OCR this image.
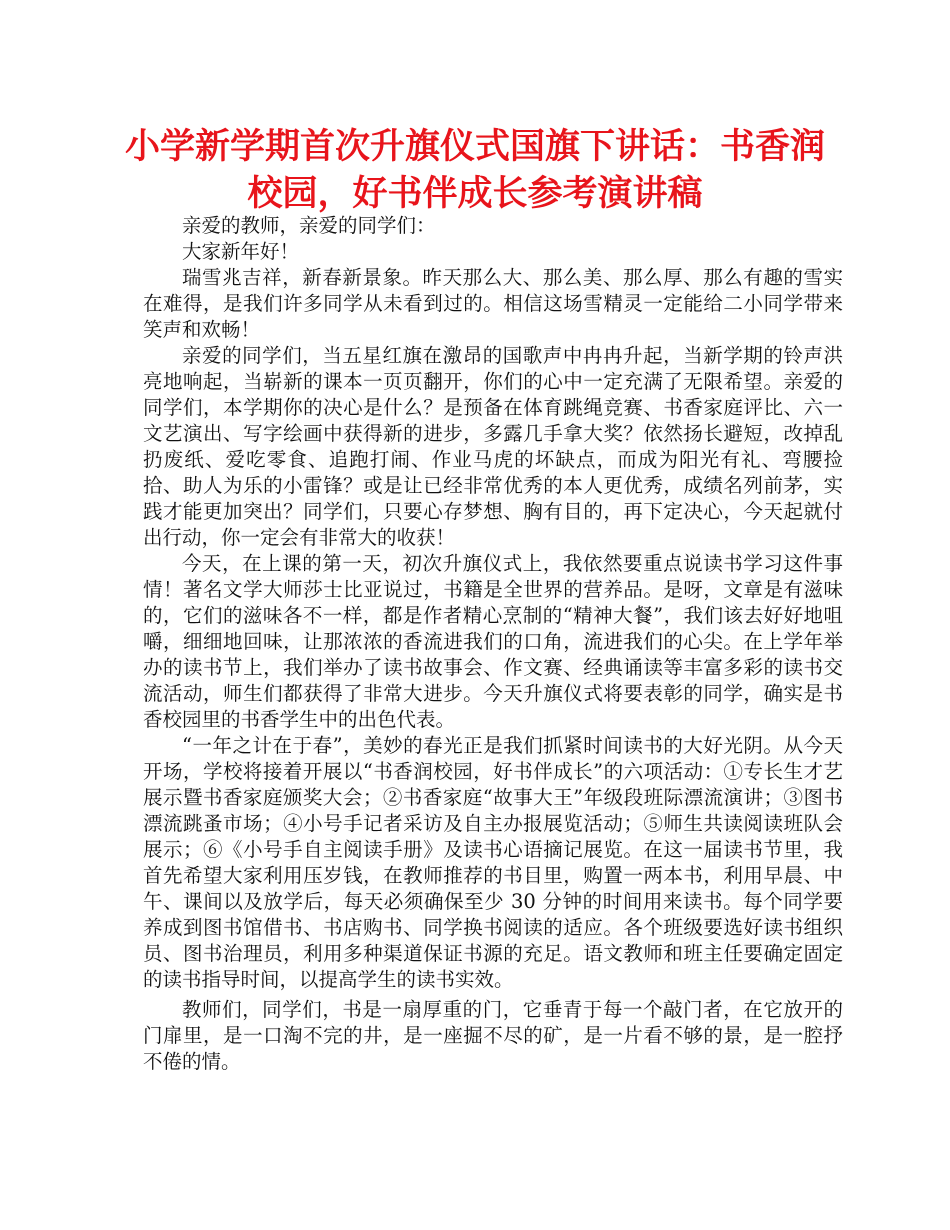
小学新学期首次升旗仪式国旗下讲话：书香润校园，好书伴成长参考演讲稿

亲爱的教师，亲爱的同学们：

大家新年好！

瑞雪兆吉祥，新春新景象。昨天那么大、那么美、那么厚、那么有趣的雪实在难得，是我们许多同学从未看到过的。相信这场雪精灵一定能给二小同学带来笑声和欢畅！

亲爱的同学们，当五星红旗在激昂的国歌声中冉冉升起，当新学期的铃声洪亮地响起，当崭新的课本一页页翻开，你们的心中一定充满了无限希望。亲爱的同学们，本学期你的决心是什么？是预备在体育跳绳竞赛、书香家庭评比、六一文艺演出、写字绘画中获得新的进步，多露几手拿大奖？依然扬长避短，改掉乱扔废纸、爱吃零食、追跑打闹、作业马虎的坏缺点，而成为阳光有礼、弯腰捡拾、助人为乐的小雷锋？或是让已经非常优秀的本人更优秀，成绩名列前茅，实践才能更加突出？同学们，只要心存梦想、胸有目的，再下定决心，今天起就付出行动，你一定会有非常大的收获！

今天，在上课的第一天，初次升旗仪式上，我依然要重点说读书学习这件事情！著名文学大师莎士比亚说过，书籍是全世界的营养品。是呀，文章是有滋味的，它们的滋味各不一样，都是作者精心烹制的“精神大餐”，我们该去好好地咀嚼，细细地回味，让那浓浓的香流进我们的口角，流进我们的心尖。在上学年举办的读书节上，我们举办了读书故事会、作文赛、经典诵读等丰富多彩的读书交流活动，师生们都获得了非常大进步。今天升旗仪式将要表彰的同学，确实是书香校园里的书香学生中的出色代表。

“一年之计在于春”，美妙的春光正是我们抓紧时间读书的大好光阴。从今天开场，学校将接着开展以“书香润校园，好书伴成长”的六项活动：①专长生才艺展示暨书香家庭颁奖大会；②书香家庭“故事大王”年级段班际漂流演讲；③图书漂流跳蚤市场；④小号手记者采访及自主办报展览活动；⑤师生共读阅读班队会展示；⑥《小号手自主阅读手册》及读书心语摘记展览。在这一届读书节里，我首先希望大家利用压岁钱，在教师推荐的书目里，购置一两本书，利用早晨、中午、课间以及放学后，每天必须确保至少 30 分钟的时间用来读书。每个同学要养成到图书馆借书、书店购书、同学换书阅读的适应。各个班级要选好读书组织员、图书治理员，利用多种渠道保证书源的充足。语文教师和班主任要确定固定的读书指导时间，以提高学生的读书实效。

教师们，同学们，书是一扇厚重的门，它垂青于每一个敲门者，在它放开的门扉里，是一口淘不完的井，是一座掘不尽的矿，是一片看不够的景，是一腔抒不倦的情。
